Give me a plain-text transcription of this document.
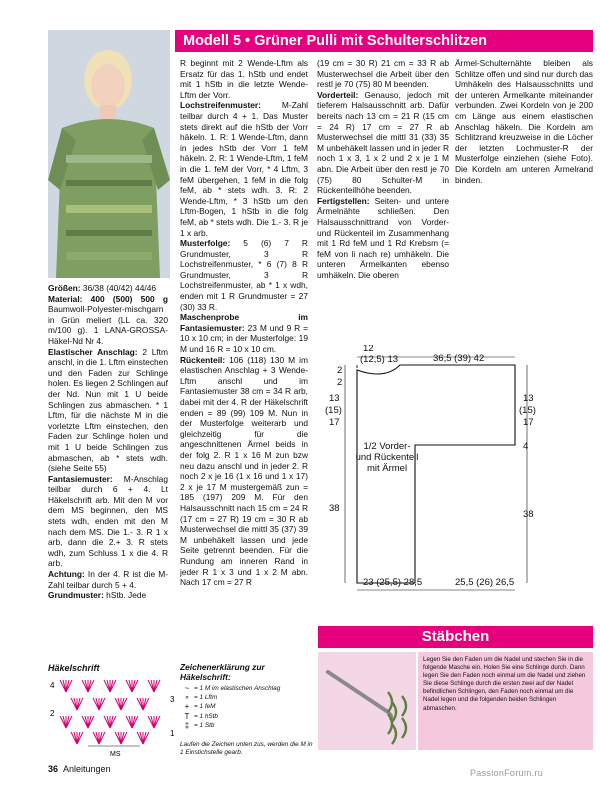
Modell 5 • Grüner Pulli mit Schulterschlitzen

Größen: 36/38 (40/42) 44/46

Material: 400 (500) 500 g Baumwoll-Polyester-mischgarn in Grün meliert (LL ca. 320 m/100 g). 1 LANA-GROSSA-Häkel-Nd Nr 4.

Elastischer Anschlag: 2 Lftm anschl, in die 1. Lftm einstechen und den Faden zur Schlinge holen. Es liegen 2 Schlingen auf der Nd. Nun mit 1 U beide Schlingen zus abmaschen. * 1 Lftm, für die nächste M in die vorletzte Lftm einstechen, den Faden zur Schlinge holen und mit 1 U beide Schlingen zus abmaschen, ab * stets wdh. (siehe Seite 55)

Fantasiemuster: M-Anschlag teilbar durch 6 + 4. Lt Häkelschrift arb. Mit den M vor dem MS beginnen, den MS stets wdh, enden mit den M nach dem MS. Die 1.- 3. R 1 x arb, dann die 2.+ 3. R stets wdh, zum Schluss 1 x die 4. R arb.

Achtung: In der 4. R ist die M-Zahl teilbar durch 5 + 4.

Grundmuster: hStb. Jede

R beginnt mit 2 Wende-Lftm als Ersatz für das 1. hStb und endet mit 1 hStb in die letzte Wende-Lftm der Vorr.

Lochstreifenmuster: M-Zahl teilbar durch 4 + 1. Das Muster stets direkt auf die hStb der Vorr häkeln. 1. R: 1 Wende-Lftm, dann in jedes hStb der Vorr 1 feM häkeln. 2. R: 1 Wende-Lftm, 1 feM in die 1. feM der Vorr, * 4 Lftm, 3 feM übergehen, 1 feM in die folg feM, ab * stets wdh. 3. R: 2 Wende-Lftm, * 3 hStb um den Lftm-Bogen, 1 hStb in die folg feM, ab * stets wdh. Die 1.- 3. R je 1 x arb.

Musterfolge: 5 (6) 7 R Grundmuster, 3 R Lochstreifenmuster, * 6 (7) 8 R Grundmuster, 3 R Lochstreifenmuster, ab * 1 x wdh, enden mit 1 R Grundmuster = 27 (30) 33 R.

Maschenprobe im Fantasiemuster: 23 M und 9 R = 10 x 10 cm; in der Musterfolge: 19 M und 16 R = 10 x 10 cm.

Rückenteil: 106 (118) 130 M im elastischen Anschlag + 3 Wende-Lftm anschl und im Fantasiemuster 38 cm = 34 R arb, dabei mit der 4. R der Häkelschrift enden = 89 (99) 109 M. Nun in der Musterfolge weiterarb und gleichzeitig für die angeschnittenen Ärmel beids in der folg 2. R 1 x 16 M zun bzw neu dazu anschl und in jeder 2. R noch 2 x je 16 (1 x 16 und 1 x 17) 2 x je 17 M mustergemäß zun = 185 (197) 209 M. Für den Halsausschnitt nach 15 cm = 24 R (17 cm = 27 R) 19 cm = 30 R ab Musterwechsel die mittl 35 (37) 39 M unbehäkelt lassen und jede Seite getrennt beenden. Für die Rundung am inneren Rand in jeder R 1 x 3 und 1 x 2 M abn. Nach 17 cm = 27 R

(19 cm = 30 R) 21 cm = 33 R ab Musterwechsel die Arbeit über den restl je 70 (75) 80 M beenden.

Vorderteil: Genauso, jedoch mit tieferem Halsausschnitt arb. Dafür bereits nach 13 cm = 21 R (15 cm = 24 R) 17 cm = 27 R ab Musterwechsel die mittl 31 (33) 35 M unbehäkelt lassen und in jeder R noch 1 x 3, 1 x 2 und 2 x je 1 M abn. Die Arbeit über den restl je 70 (75) 80 Schulter-M in Rückenteilhöhe beenden.

Fertigstellen: Seiten- und untere Ärmelnähte schließen. Den Halsausschnittrand von Vorder- und Rückenteil im Zusammenhang mit 1 Rd feM und 1 Rd Krebsm (= feM von li nach re) umhäkeln. Die unteren Ärmelkanten ebenso umhäkeln. Die oberen

Ärmel-Schulternähte bleiben als Schlitze offen und sind nur durch das Umhäkeln des Halsausschnitts und der unteren Ärmelkante miteinander verbunden. Zwei Kordeln von je 200 cm Länge aus einem elastischen Anschlag häkeln. Die Kordeln am Schlitzrand kreuzweise in die Löcher der letzten Lochmuster-R der Musterfolge einziehen (siehe Foto). Die Kordeln am unteren Ärmelrand binden.

12
(12,5) 13	36,5 (39) 42
2
2
13
(15)
17
13
(15)
17
4
38
38
1/2 Vorder-
und Rückenteil
mit Ärmel
23 (25,5) 28,5	25,5 (26) 26,5
Häkelschrift
4
3
2
1
MS
Zeichenerklärung zur Häkelschrift:
~ = 1 M im elastischen Anschlag
∘ = 1 Lftm
+ = 1 feM
T = 1 hStb
‡ = 1 Stb
Laufen die Zeichen unten zus, werden die M in 1 Einstichstelle gearb.
Stäbchen
Legen Sie den Faden um die Nadel und stechen Sie in die folgende Masche ein. Holen Sie eine Schlinge durch. Dann legen Sie den Faden noch einmal um die Nadel und ziehen Sie diese Schlinge durch die ersten zwei auf der Nadel befindlichen Schlingen, den Faden noch einmal um die Nadel legen und die folgenden beiden Schlingen abmaschen.
36 Anleitungen	PassionForum.ru
